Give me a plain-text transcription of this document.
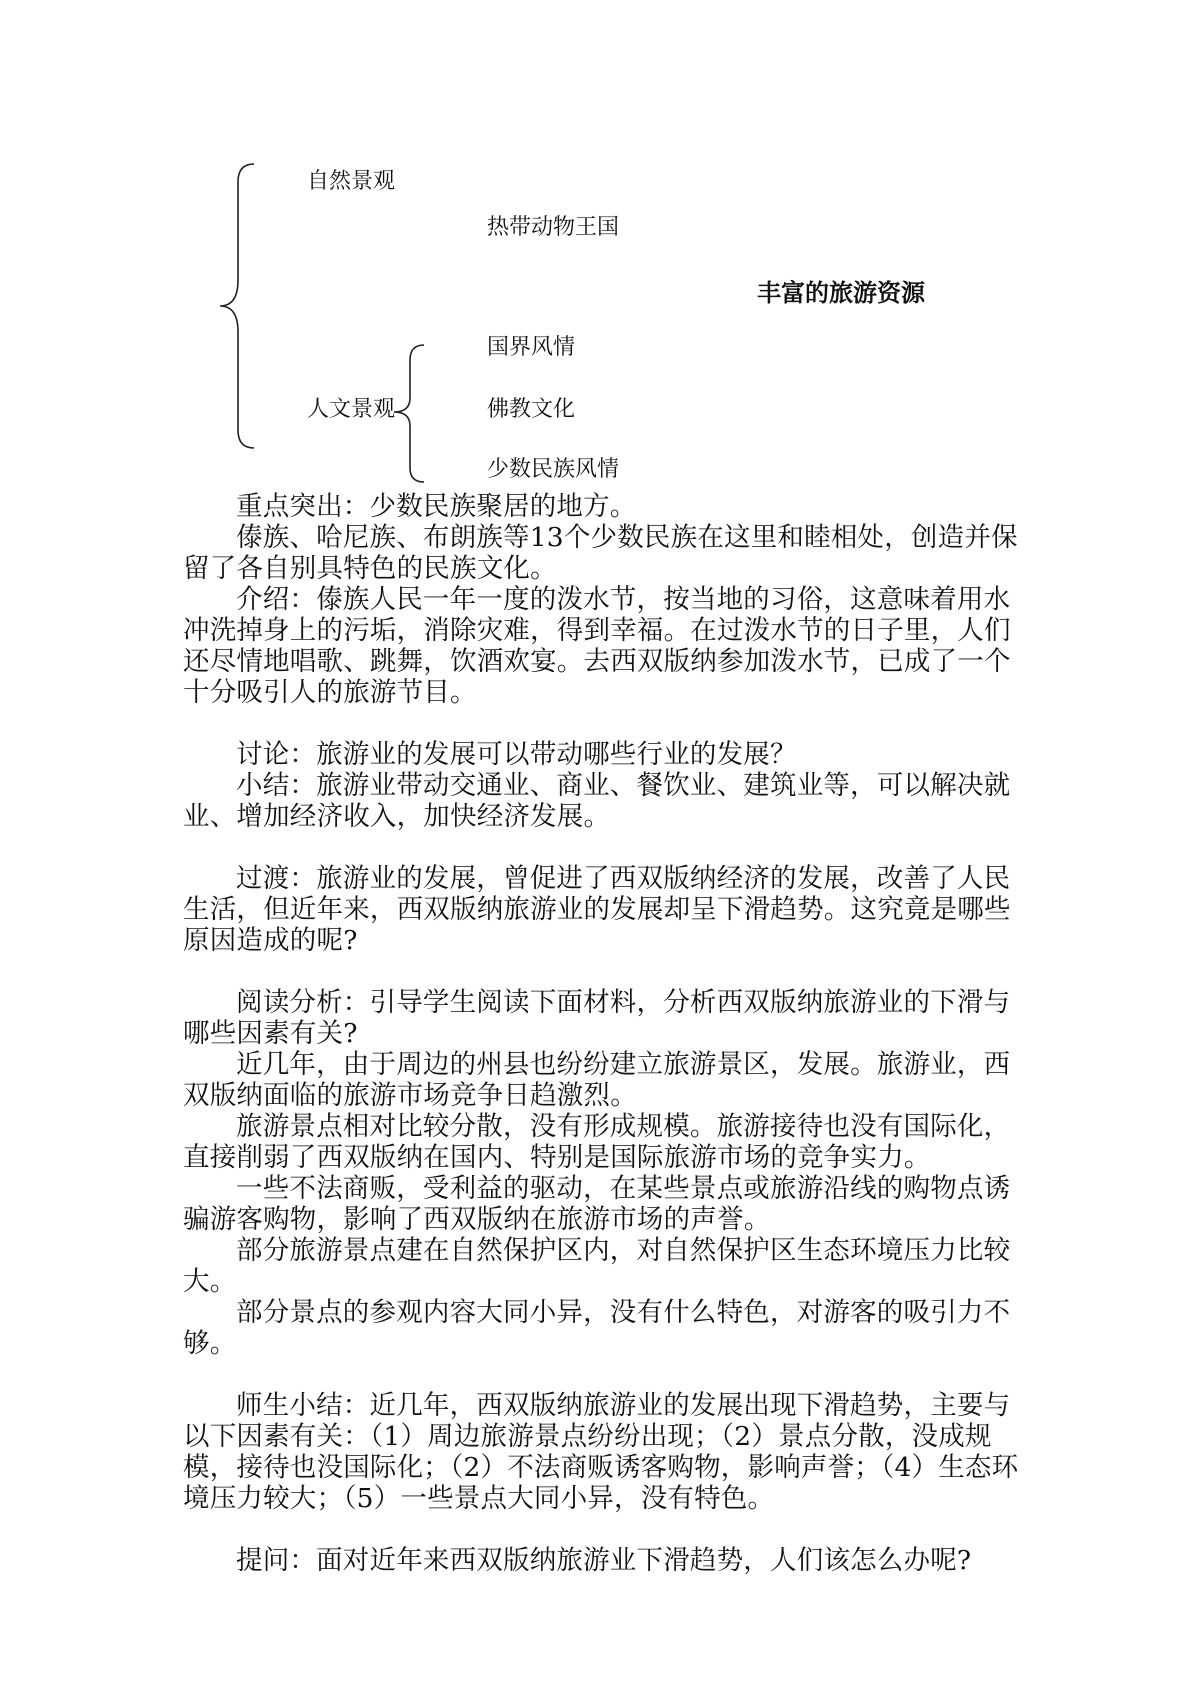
自然景观
热带动物王国
丰富的旅游资源
国界风情
人文景观	佛教文化
少数民族风情

重点突出：少数民族聚居的地方。

傣族、哈尼族、布朗族等13个少数民族在这里和睦相处，创造并保留了各自别具特色的民族文化。

介绍：傣族人民一年一度的泼水节，按当地的习俗，这意味着用水冲洗掉身上的污垢，消除灾难，得到幸福。在过泼水节的日子里，人们还尽情地唱歌、跳舞，饮酒欢宴。去西双版纳参加泼水节，已成了一个十分吸引人的旅游节目。

讨论：旅游业的发展可以带动哪些行业的发展？

小结：旅游业带动交通业、商业、餐饮业、建筑业等，可以解决就业、增加经济收入，加快经济发展。

过渡：旅游业的发展，曾促进了西双版纳经济的发展，改善了人民生活，但近年来，西双版纳旅游业的发展却呈下滑趋势。这究竟是哪些原因造成的呢?

阅读分析：引导学生阅读下面材料，分析西双版纳旅游业的下滑与哪些因素有关?

近几年，由于周边的州县也纷纷建立旅游景区，发展。旅游业，西双版纳面临的旅游市场竞争日趋激烈。

旅游景点相对比较分散，没有形成规模。旅游接待也没有国际化，直接削弱了西双版纳在国内、特别是国际旅游市场的竞争实力。

一些不法商贩，受利益的驱动，在某些景点或旅游沿线的购物点诱骗游客购物，影响了西双版纳在旅游市场的声誉。

部分旅游景点建在自然保护区内，对自然保护区生态环境压力比较大。

部分景点的参观内容大同小异，没有什么特色，对游客的吸引力不够。

师生小结：近几年，西双版纳旅游业的发展出现下滑趋势，主要与以下因素有关：（1）周边旅游景点纷纷出现；（2）景点分散，没成规模，接待也没国际化；（2）不法商贩诱客购物，影响声誉；（4）生态环境压力较大；（5）一些景点大同小异，没有特色。

提问：面对近年来西双版纳旅游业下滑趋势，人们该怎么办呢?
